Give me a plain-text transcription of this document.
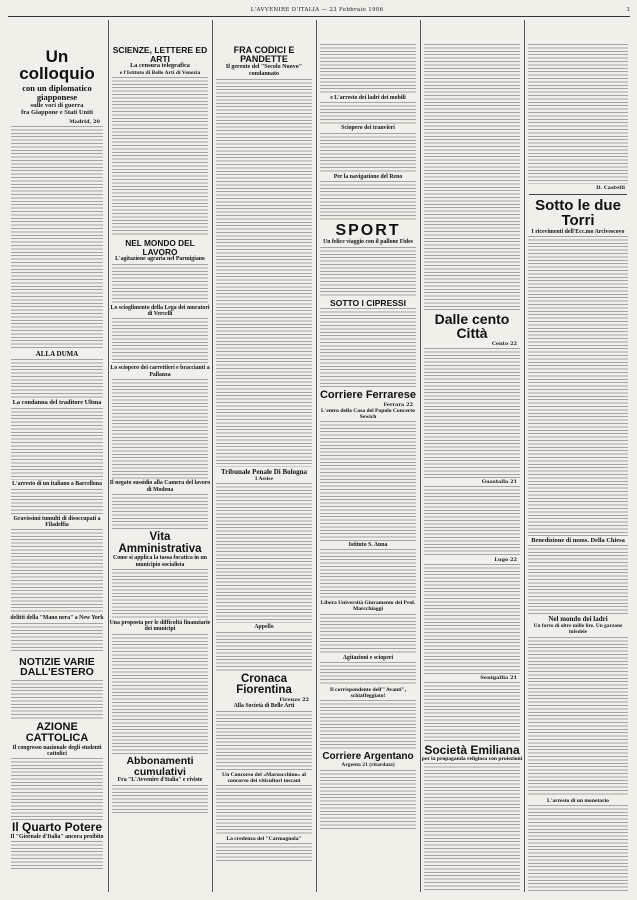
L'AVVENIRE D'ITALIA — 23 Febbraio 1906	3
Un colloquio
con un diplomatico giapponese
sulle voci di guerra
fra Giappone e Stati Uniti
Madrid, 20
ALLA DUMA
La condanna del traditore Ultma
L'arresto di un italiano a Barcellona
Gravissimi tumulti di disoccupati a Filadelfia
delitti della "Mano nera" a New York
NOTIZIE VARIE DALL'ESTERO
AZIONE CATTOLICA
Il congresso nazionale degli studenti cattolici
Il Quarto Potere
Il "Giornale d'Italia" ancora proibito
SCIENZE, LETTERE ED ARTI
La censura telegrafica
e l'Istituto di Belle Arti di Venezia
NEL MONDO DEL LAVORO
L'agitazione agraria nel Parmigiano
Lo scioglimento della Lega dei muratori di Vercelli
Lo sciopero dei carrettieri e braccianti a Pallanza
Il negato sussidio alla Camera del lavoro di Modena
Vita Amministrativa
Come si applica la tassa focatica in un municipio socialista
Una proposta per le difficoltà finanziarie dei municipi
Abbonamenti cumulativi
Fra "L'Avvenire d'Italia" e riviste
FRA CODICI E PANDETTE
Il gerente del "Secolo Nuovo" condannato
Tribunale Penale Di Bologna
I Assise
Appello
Cronaca Fiorentina
Firenze 22
Alla Società di Belle Arti
Un Concorso del «Marzocchino» al concorso dei viticultori toscani
La credenza del "Carmagnola"
e L'arresto dei ladri dei mobili
Sciopero dei tranvieri
Per la navigazione del Reno
SPORT
Un felice viaggio con il pallone Fides
SOTTO I CIPRESSI
Corriere Ferrarese
Ferrara 22
L'entro della Casa del Popolo Concerto Sewich
Istituto S. Anna
Libera Università Giuramento del Prof. Marcchiaggi
Agitazioni e scioperi
Il corrispondente dell'"Avanti", schiaffeggiato!
Corriere Argentano
Argenta 21 (ritardata)
Dalle cento Città
Cento 22
Guastalla 21
Lugo 22
Senigallia 21
Società Emiliana
per la propaganda religiosa con proiezioni
D. Castelli
Sotto le due Torri
I ricevimenti dell'Ecc.mo Arcivescovo
Benedizione di mons. Della Chiesa
Nel mondo dei ladri
Un furto di oltre mille lire. Un garzone infedele
L'arresto di un monetario
